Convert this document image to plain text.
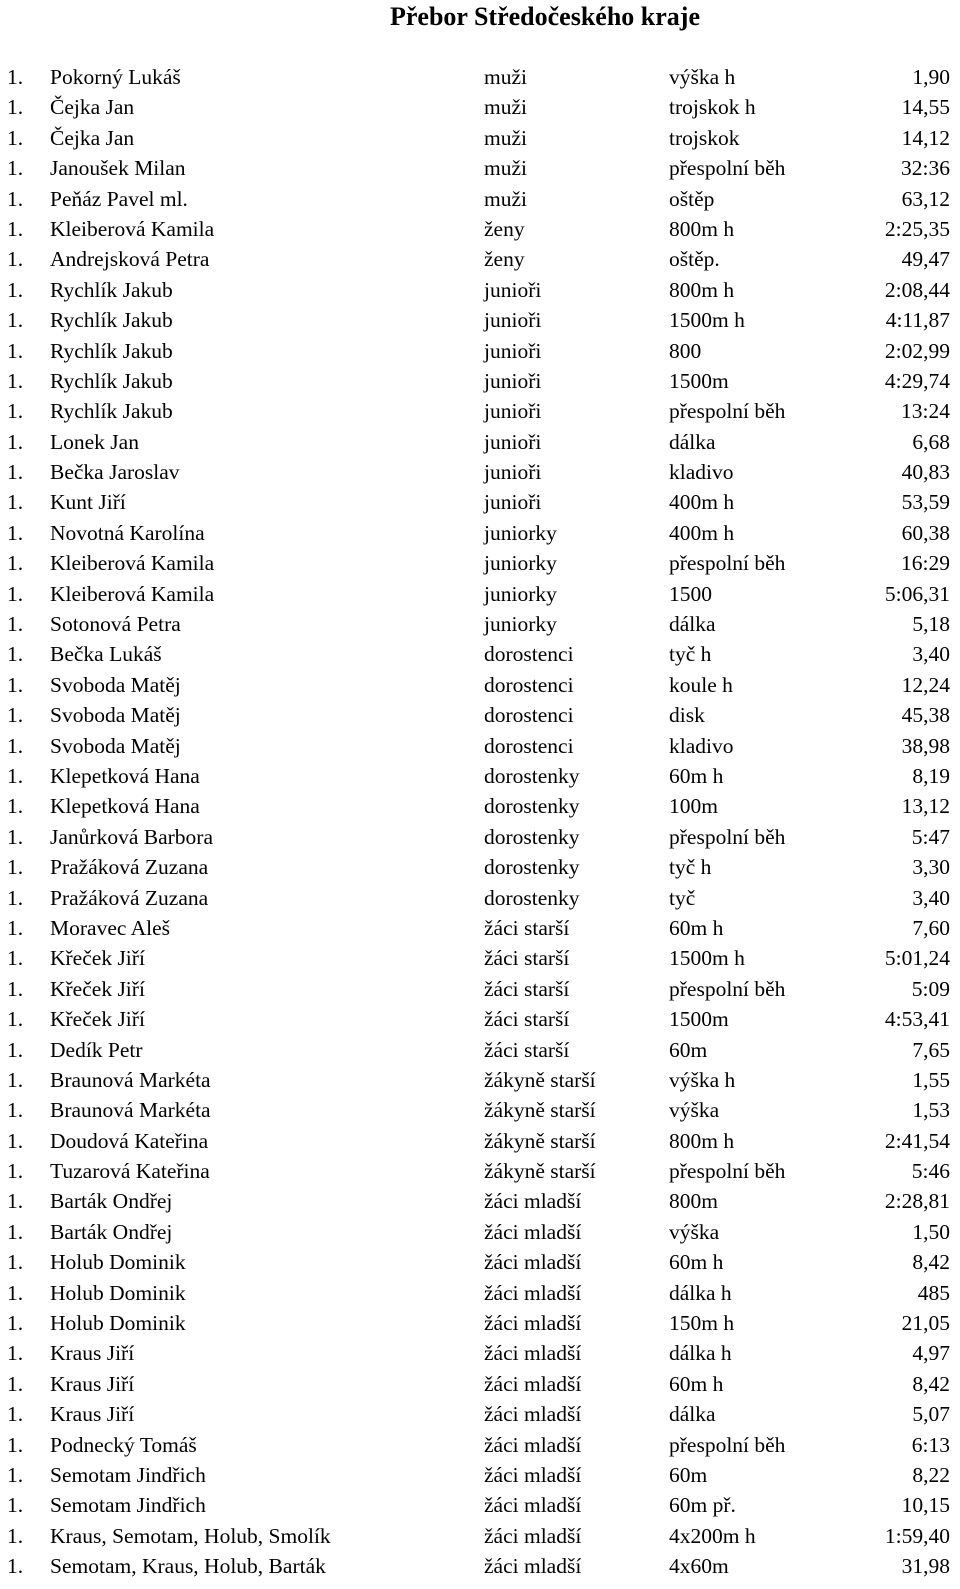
Přebor Středočeského kraje
1. Pokorný Lukáš	muži	výška h	1,90
1. Čejka Jan	muži	trojskok h	14,55
1. Čejka Jan	muži	trojskok	14,12
1. Janoušek Milan	muži	přespolní běh	32:36
1. Peňáz Pavel ml.	muži	oštěp	63,12
1. Kleiberová Kamila	ženy	800m h	2:25,35
1. Andrejsková Petra	ženy	oštěp.	49,47
1. Rychlík Jakub	junioři	800m h	2:08,44
1. Rychlík Jakub	junioři	1500m h	4:11,87
1. Rychlík Jakub	junioři	800	2:02,99
1. Rychlík Jakub	junioři	1500m	4:29,74
1. Rychlík Jakub	junioři	přespolní běh	13:24
1. Lonek Jan	junioři	dálka	6,68
1. Bečka Jaroslav	junioři	kladivo	40,83
1. Kunt Jiří	junioři	400m h	53,59
1. Novotná Karolína	juniorky	400m h	60,38
1. Kleiberová Kamila	juniorky	přespolní běh	16:29
1. Kleiberová Kamila	juniorky	1500	5:06,31
1. Sotonová Petra	juniorky	dálka	5,18
1. Bečka Lukáš	dorostenci	tyč h	3,40
1. Svoboda Matěj	dorostenci	koule h	12,24
1. Svoboda Matěj	dorostenci	disk	45,38
1. Svoboda Matěj	dorostenci	kladivo	38,98
1. Klepetková Hana	dorostenky	60m h	8,19
1. Klepetková Hana	dorostenky	100m	13,12
1. Janůrková Barbora	dorostenky	přespolní běh	5:47
1. Pražáková Zuzana	dorostenky	tyč h	3,30
1. Pražáková Zuzana	dorostenky	tyč	3,40
1. Moravec Aleš	žáci starší	60m h	7,60
1. Křeček Jiří	žáci starší	1500m h	5:01,24
1. Křeček Jiří	žáci starší	přespolní běh	5:09
1. Křeček Jiří	žáci starší	1500m	4:53,41
1. Dedík Petr	žáci starší	60m	7,65
1. Braunová Markéta	žákyně starší	výška h	1,55
1. Braunová Markéta	žákyně starší	výška	1,53
1. Doudová Kateřina	žákyně starší	800m h	2:41,54
1. Tuzarová Kateřina	žákyně starší	přespolní běh	5:46
1. Barták Ondřej	žáci mladší	800m	2:28,81
1. Barták Ondřej	žáci mladší	výška	1,50
1. Holub Dominik	žáci mladší	60m h	8,42
1. Holub Dominik	žáci mladší	dálka h	485
1. Holub Dominik	žáci mladší	150m h	21,05
1. Kraus Jiří	žáci mladší	dálka h	4,97
1. Kraus Jiří	žáci mladší	60m h	8,42
1. Kraus Jiří	žáci mladší	dálka	5,07
1. Podnecký Tomáš	žáci mladší	přespolní běh	6:13
1. Semotam Jindřich	žáci mladší	60m	8,22
1. Semotam Jindřich	žáci mladší	60m př.	10,15
1. Kraus, Semotam, Holub, Smolík	žáci mladší	4x200m h	1:59,40
1. Semotam, Kraus, Holub, Barták	žáci mladší	4x60m	31,98
